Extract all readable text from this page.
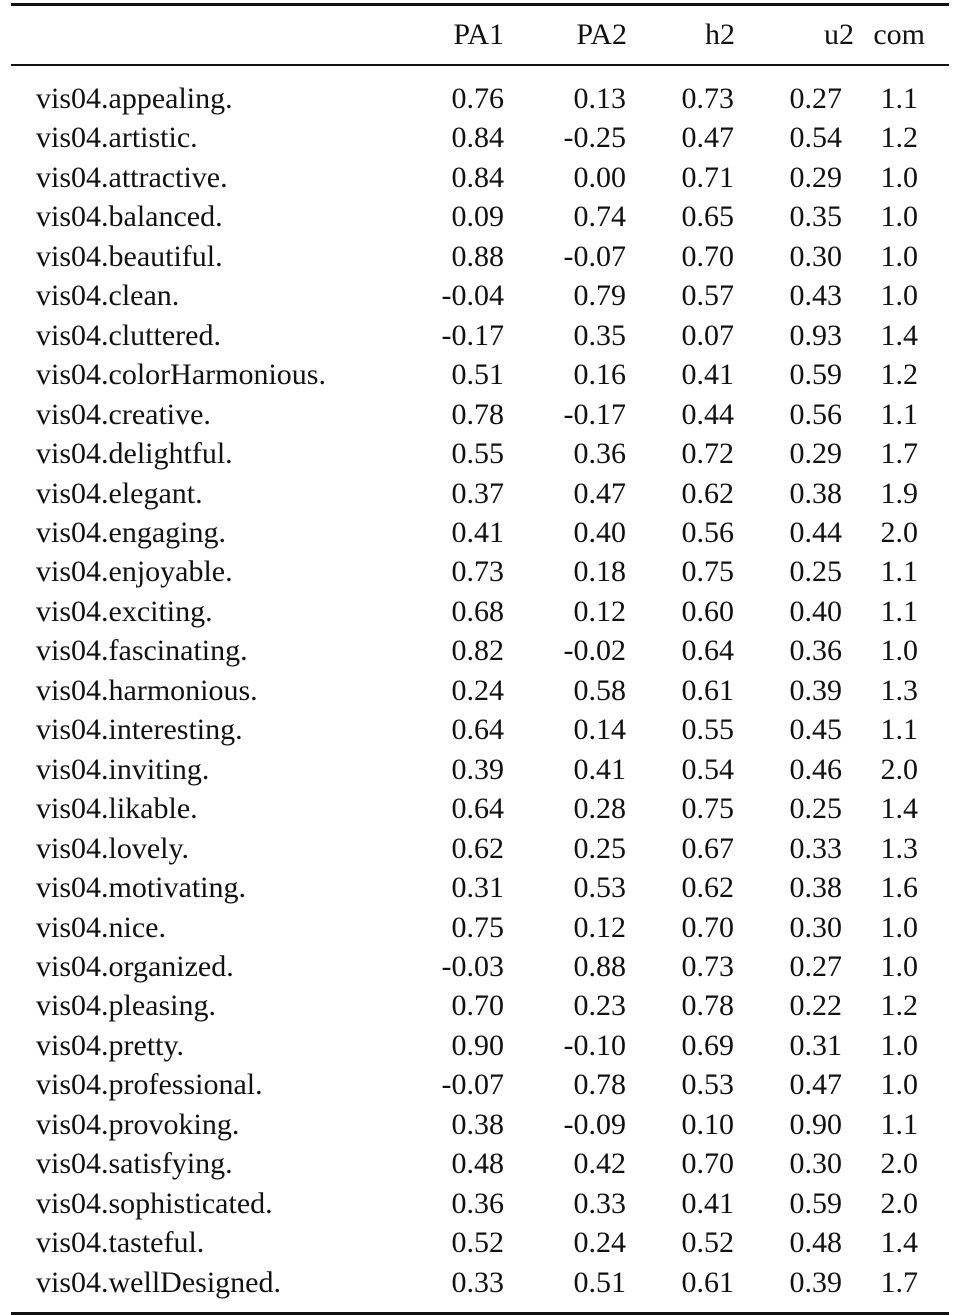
	PA1	PA2	h2	u2	com
vis04.appealing.	0.76	0.13	0.73	0.27	1.1
vis04.artistic.	0.84	-0.25	0.47	0.54	1.2
vis04.attractive.	0.84	0.00	0.71	0.29	1.0
vis04.balanced.	0.09	0.74	0.65	0.35	1.0
vis04.beautiful.	0.88	-0.07	0.70	0.30	1.0
vis04.clean.	-0.04	0.79	0.57	0.43	1.0
vis04.cluttered.	-0.17	0.35	0.07	0.93	1.4
vis04.colorHarmonious.	0.51	0.16	0.41	0.59	1.2
vis04.creative.	0.78	-0.17	0.44	0.56	1.1
vis04.delightful.	0.55	0.36	0.72	0.29	1.7
vis04.elegant.	0.37	0.47	0.62	0.38	1.9
vis04.engaging.	0.41	0.40	0.56	0.44	2.0
vis04.enjoyable.	0.73	0.18	0.75	0.25	1.1
vis04.exciting.	0.68	0.12	0.60	0.40	1.1
vis04.fascinating.	0.82	-0.02	0.64	0.36	1.0
vis04.harmonious.	0.24	0.58	0.61	0.39	1.3
vis04.interesting.	0.64	0.14	0.55	0.45	1.1
vis04.inviting.	0.39	0.41	0.54	0.46	2.0
vis04.likable.	0.64	0.28	0.75	0.25	1.4
vis04.lovely.	0.62	0.25	0.67	0.33	1.3
vis04.motivating.	0.31	0.53	0.62	0.38	1.6
vis04.nice.	0.75	0.12	0.70	0.30	1.0
vis04.organized.	-0.03	0.88	0.73	0.27	1.0
vis04.pleasing.	0.70	0.23	0.78	0.22	1.2
vis04.pretty.	0.90	-0.10	0.69	0.31	1.0
vis04.professional.	-0.07	0.78	0.53	0.47	1.0
vis04.provoking.	0.38	-0.09	0.10	0.90	1.1
vis04.satisfying.	0.48	0.42	0.70	0.30	2.0
vis04.sophisticated.	0.36	0.33	0.41	0.59	2.0
vis04.tasteful.	0.52	0.24	0.52	0.48	1.4
vis04.wellDesigned.	0.33	0.51	0.61	0.39	1.7
